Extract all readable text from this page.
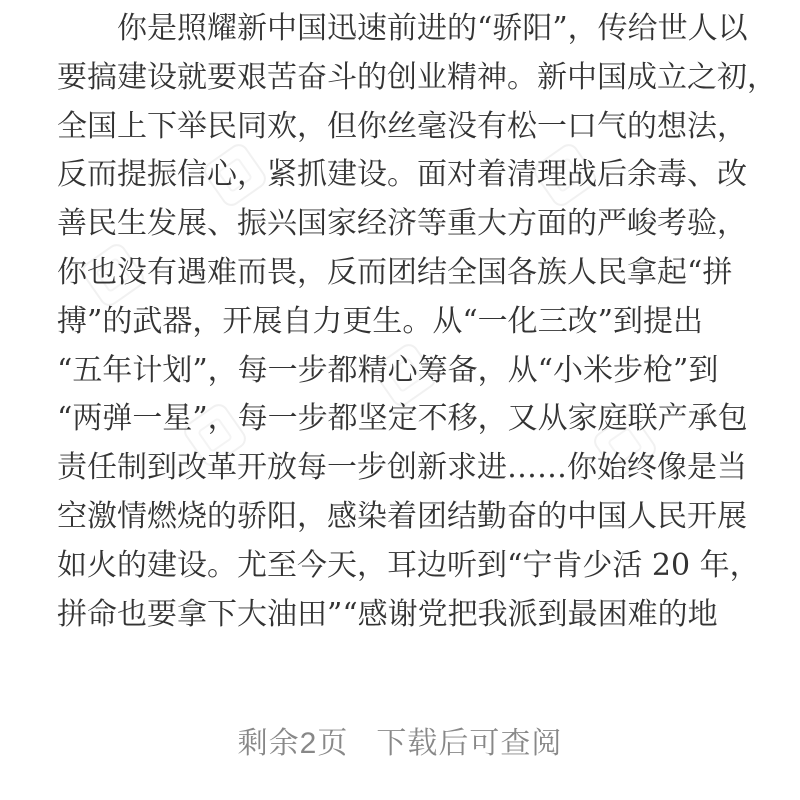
你是照耀新中国迅速前进的“骄阳”，传给世人以
要搞建设就要艰苦奋斗的创业精神。新中国成立之初，
全国上下举民同欢，但你丝毫没有松一口气的想法，
反而提振信心，紧抓建设。面对着清理战后余毒、改
善民生发展、振兴国家经济等重大方面的严峻考验，
你也没有遇难而畏，反而团结全国各族人民拿起“拼
搏”的武器，开展自力更生。从“一化三改”到提出
“五年计划”，每一步都精心筹备，从“小米步枪”到
“两弹一星”，每一步都坚定不移，又从家庭联产承包
责任制到改革开放每一步创新求进……你始终像是当
空激情燃烧的骄阳，感染着团结勤奋的中国人民开展
如火的建设。尤至今天，耳边听到“宁肯少活 20 年，
拼命也要拿下大油田”“感谢党把我派到最困难的地
剩余2页 下载后可查阅
